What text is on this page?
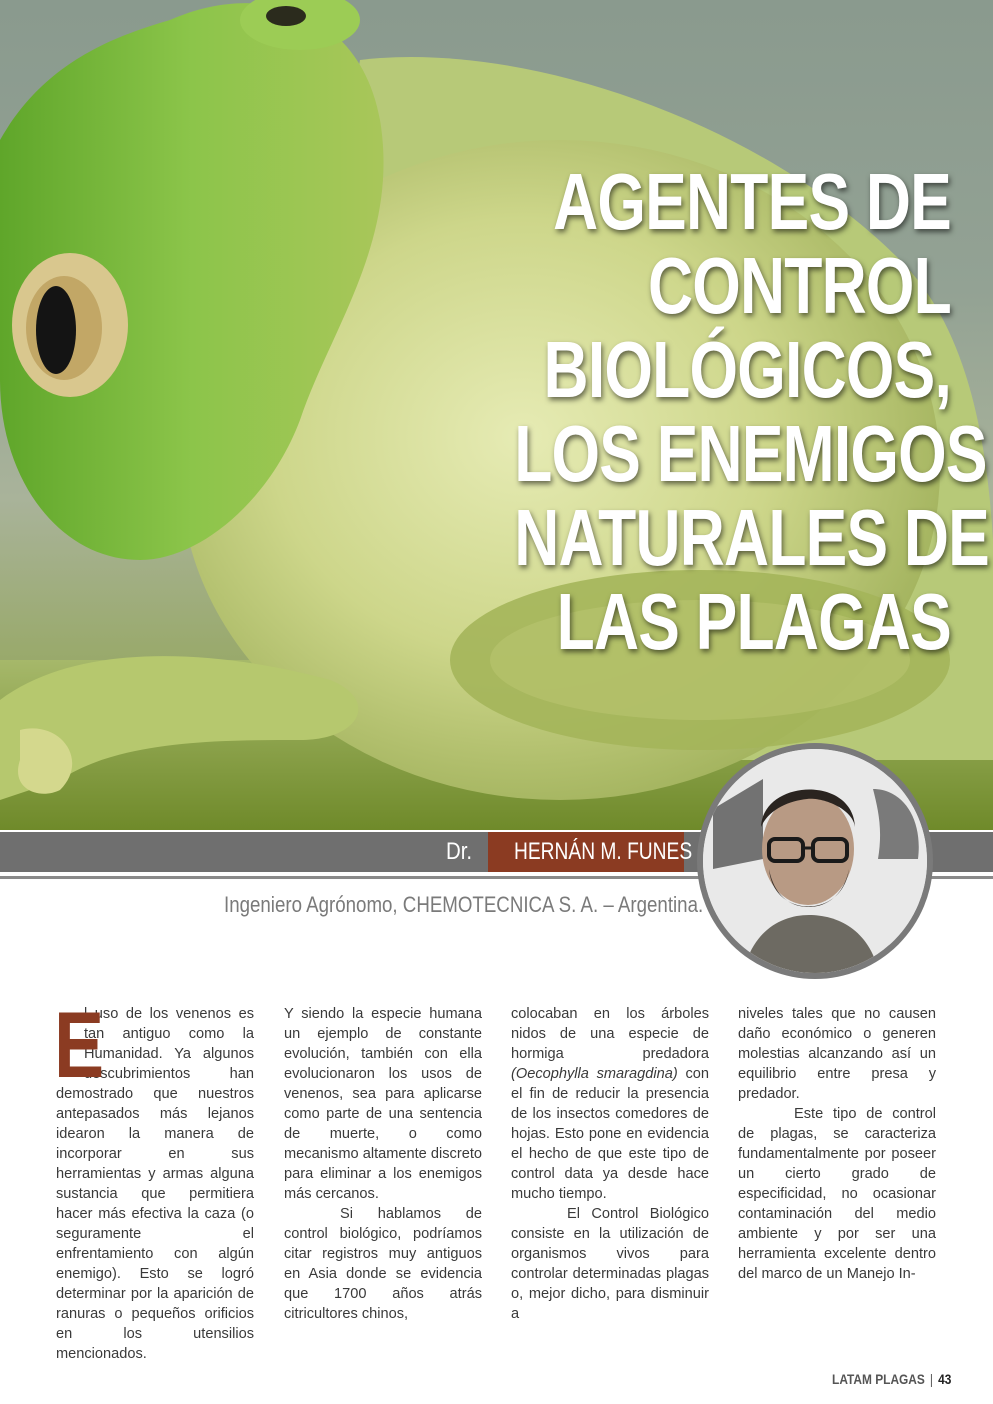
AGENTES DE
CONTROL
BIOLÓGICOS,
LOS ENEMIGOS
NATURALES DE
LAS PLAGAS
Dr. HERNÁN M. FUNES
Ingeniero Agrónomo, CHEMOTECNICA S. A. – Argentina.
E

l uso de los venenos es tan antiguo como la Humanidad. Ya algunos descubrimientos han demostrado que nuestros antepasados más lejanos idearon la manera de incorporar en sus herramientas y armas alguna sustancia que permitiera hacer más efectiva la caza (o seguramente el enfrentamiento con algún enemigo). Esto se logró determinar por la aparición de ranuras o pequeños orificios en los utensilios mencionados.

Y siendo la especie humana un ejemplo de constante evolución, también con ella evolucionaron los usos de venenos, sea para aplicarse como parte de una sentencia de muerte, o como mecanismo altamente discreto para eliminar a los enemigos más cercanos.

Si hablamos de control biológico, podríamos citar registros muy antiguos en Asia donde se evidencia que 1700 años atrás citricultores chinos,

colocaban en los árboles nidos de una especie de hormiga predadora (Oecophylla smaragdina) con el fin de reducir la presencia de los insectos comedores de hojas. Esto pone en evidencia el hecho de que este tipo de control data ya desde hace mucho tiempo.

El Control Biológico consiste en la utilización de organismos vivos para controlar determinadas plagas o, mejor dicho, para disminuir a

niveles tales que no causen daño económico o generen molestias alcanzando así un equilibrio entre presa y predador.

Este tipo de control de plagas, se caracteriza fundamentalmente por poseer un cierto grado de especificidad, no ocasionar contaminación del medio ambiente y por ser una herramienta excelente dentro del marco de un Manejo In-

LATAM PLAGAS | 43
